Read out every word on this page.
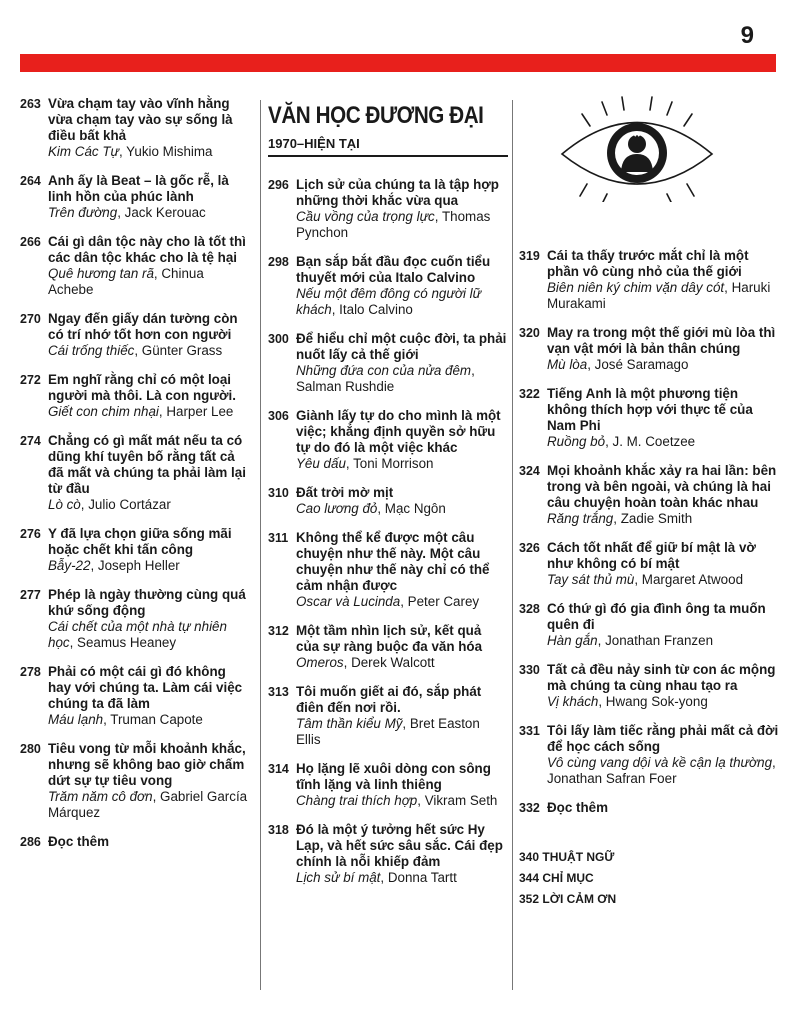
9
263 Vừa chạm tay vào vĩnh hằng vừa chạm tay vào sự sống là điều bất khả
Kim Các Tự, Yukio Mishima
264 Anh ấy là Beat – là gốc rễ, là linh hồn của phúc lành
Trên đường, Jack Kerouac
266 Cái gì dân tộc này cho là tốt thì các dân tộc khác cho là tệ hại
Quê hương tan rã, Chinua Achebe
270 Ngay đến giấy dán tường còn có trí nhớ tốt hơn con người
Cái trống thiếc, Günter Grass
272 Em nghĩ rằng chỉ có một loại người mà thôi. Là con người.
Giết con chim nhại, Harper Lee
274 Chẳng có gì mất mát nếu ta có dũng khí tuyên bố rằng tất cả đã mất và chúng ta phải làm lại từ đầu
Lò cò, Julio Cortázar
276 Y đã lựa chọn giữa sống mãi hoặc chết khi tấn công
Bẫy-22, Joseph Heller
277 Phép là ngày thường cùng quá khứ sống động
Cái chết của một nhà tự nhiên học, Seamus Heaney
278 Phải có một cái gì đó không hay với chúng ta. Làm cái việc chúng ta đã làm
Máu lạnh, Truman Capote
280 Tiêu vong từ mỗi khoảnh khắc, nhưng sẽ không bao giờ chấm dứt sự tự tiêu vong
Trăm năm cô đơn, Gabriel García Márquez
286 Đọc thêm
VĂN HỌC ĐƯƠNG ĐẠI
1970–HIỆN TẠI
296 Lịch sử của chúng ta là tập hợp những thời khắc vừa qua
Cầu vồng của trọng lực, Thomas Pynchon
298 Bạn sắp bắt đầu đọc cuốn tiểu thuyết mới của Italo Calvino
Nếu một đêm đông có người lữ khách, Italo Calvino
300 Để hiểu chỉ một cuộc đời, ta phải nuốt lấy cả thế giới
Những đứa con của nửa đêm, Salman Rushdie
306 Giành lấy tự do cho mình là một việc; khẳng định quyền sở hữu tự do đó là một việc khác
Yêu dấu, Toni Morrison
310 Đất trời mờ mịt
Cao lương đỏ, Mạc Ngôn
311 Không thể kể được một câu chuyện như thế này. Một câu chuyện như thế này chỉ có thể cảm nhận được
Oscar và Lucinda, Peter Carey
312 Một tầm nhìn lịch sử, kết quả của sự ràng buộc đa văn hóa
Omeros, Derek Walcott
313 Tôi muốn giết ai đó, sắp phát điên đến nơi rồi.
Tâm thần kiểu Mỹ, Bret Easton Ellis
314 Họ lặng lẽ xuôi dòng con sông tĩnh lặng và linh thiêng
Chàng trai thích hợp, Vikram Seth
318 Đó là một ý tưởng hết sức Hy Lạp, và hết sức sâu sắc. Cái đẹp chính là nỗi khiếp đảm
Lịch sử bí mật, Donna Tartt
319 Cái ta thấy trước mắt chỉ là một phần vô cùng nhỏ của thế giới
Biên niên ký chim vặn dây cót, Haruki Murakami
320 May ra trong một thế giới mù lòa thì vạn vật mới là bản thân chúng
Mù lòa, José Saramago
322 Tiếng Anh là một phương tiện không thích hợp với thực tế của Nam Phi
Ruồng bỏ, J. M. Coetzee
324 Mọi khoảnh khắc xảy ra hai lần: bên trong và bên ngoài, và chúng là hai câu chuyện hoàn toàn khác nhau
Răng trắng, Zadie Smith
326 Cách tốt nhất để giữ bí mật là vờ như không có bí mật
Tay sát thủ mù, Margaret Atwood
328 Có thứ gì đó gia đình ông ta muốn quên đi
Hàn gắn, Jonathan Franzen
330 Tất cả đều nảy sinh từ con ác mộng mà chúng ta cùng nhau tạo ra
Vị khách, Hwang Sok-yong
331 Tôi lấy làm tiếc rằng phải mất cả đời để học cách sống
Vô cùng vang dội và kề cận lạ thường, Jonathan Safran Foer
332 Đọc thêm
340 THUẬT NGỮ
344 CHỈ MỤC
352 LỜI CẢM ƠN
